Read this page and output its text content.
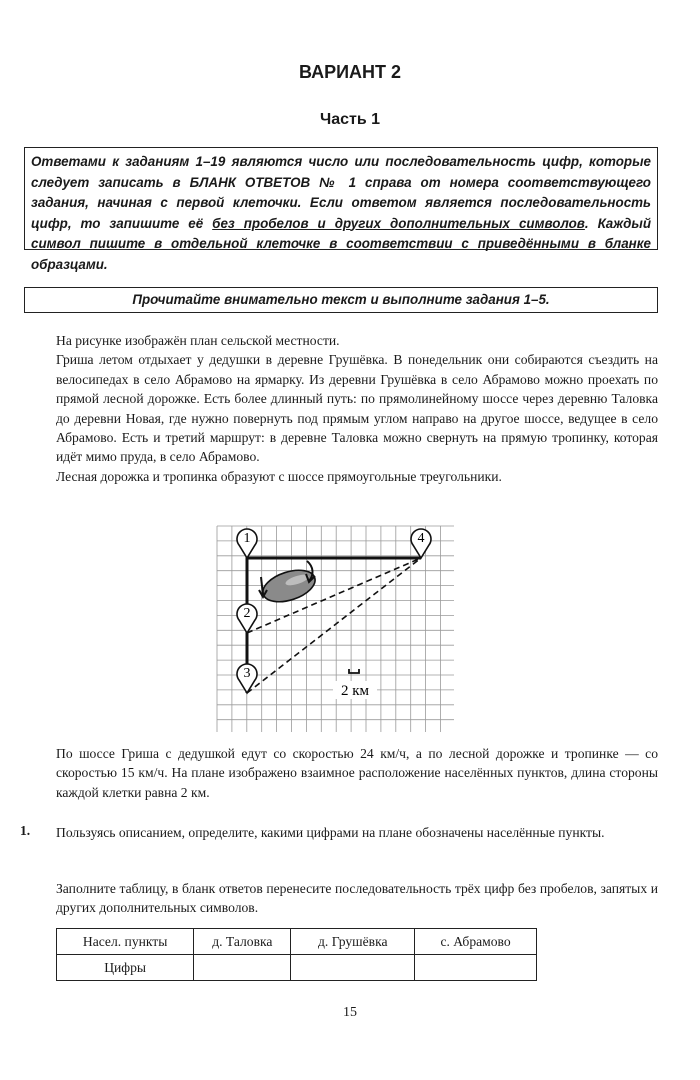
ВАРИАНТ 2
Часть 1
Ответами к заданиям 1–19 являются число или последовательность цифр, которые следует записать в БЛАНК ОТВЕТОВ № 1 справа от номера соответствующего задания, начиная с первой клеточки. Если ответом является последовательность цифр, то запишите её без пробелов и других дополнительных символов. Каждый символ пишите в отдельной клеточке в соответствии с приведёнными в бланке образцами.
Прочитайте внимательно текст и выполните задания 1–5.

На рисунке изображён план сельской местности.

Гриша летом отдыхает у дедушки в деревне Грушёвка. В понедельник они собираются съездить на велосипедах в село Абрамово на ярмарку. Из деревни Грушёвка в село Абрамово можно проехать по прямой лесной дорожке. Есть более длинный путь: по прямолинейному шоссе через деревню Таловка до деревни Новая, где нужно повернуть под прямым углом направо на другое шоссе, ведущее в село Абрамово. Есть и третий маршрут: в деревне Таловка можно свернуть на прямую тропинку, которая идёт мимо пруда, в село Абрамово.

Лесная дорожка и тропинка образуют с шоссе прямоугольные треугольники.

1
2
3
4
2 км
По шоссе Гриша с дедушкой едут со скоростью 24 км/ч, а по лесной дорожке и тропинке — со скоростью 15 км/ч. На плане изображено взаимное расположение населённых пунктов, длина стороны каждой клетки равна 2 км.
1. Пользуясь описанием, определите, какими цифрами на плане обозначены населённые пункты.
Заполните таблицу, в бланк ответов перенесите последовательность трёх цифр без пробелов, запятых и других дополнительных символов.
Насел. пункты	д. Таловка	д. Грушёвка	с. Абрамово
Цифры			
15
